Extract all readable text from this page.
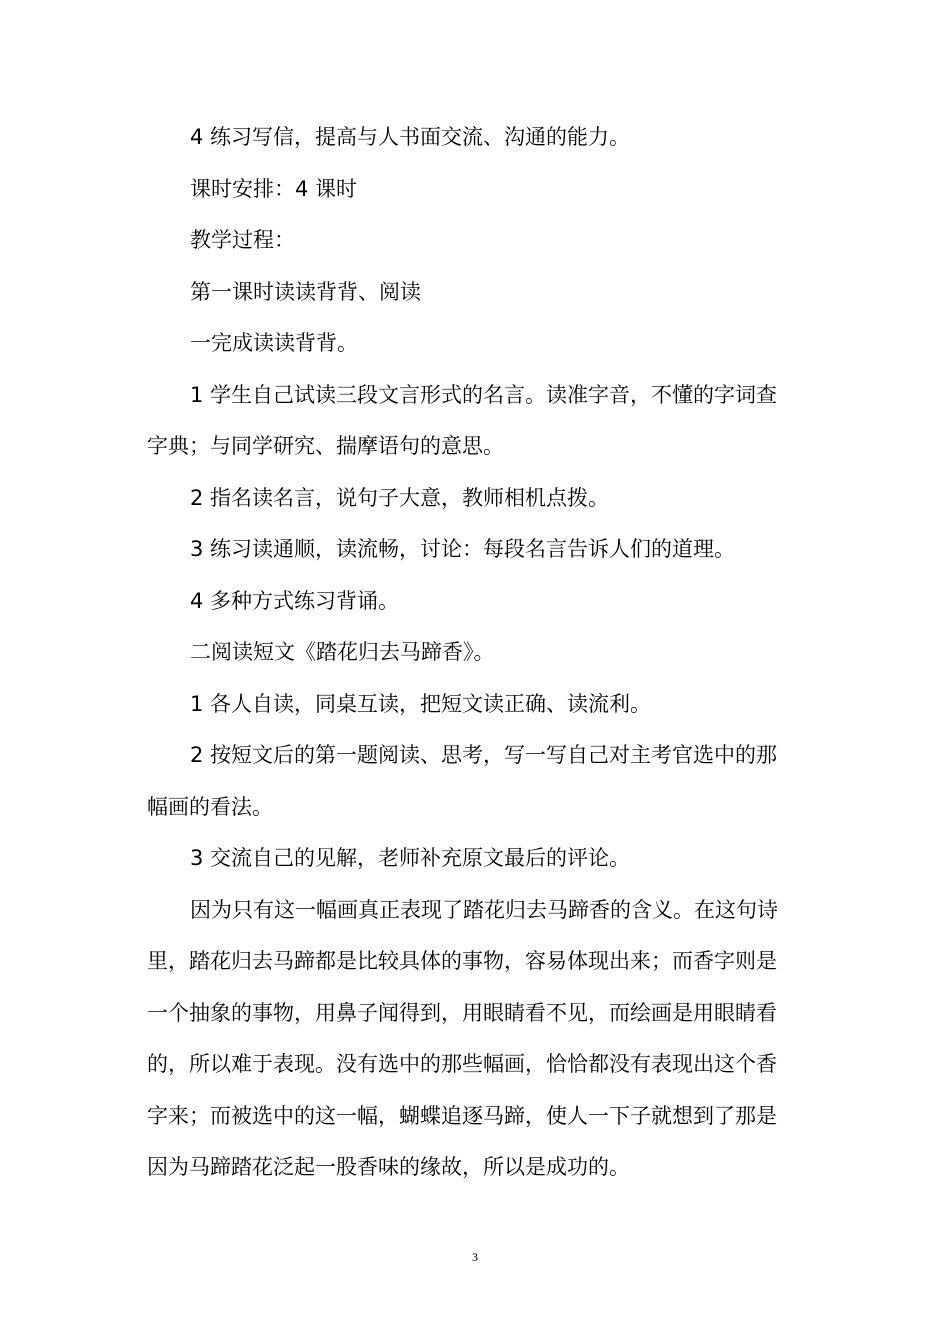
4 练习写信，提高与人书面交流、沟通的能力。

课时安排：4 课时

教学过程：

第一课时读读背背、阅读

一完成读读背背。

1 学生自己试读三段文言形式的名言。读准字音，不懂的字词查字典；与同学研究、揣摩语句的意思。

2 指名读名言，说句子大意，教师相机点拨。

3 练习读通顺，读流畅，讨论：每段名言告诉人们的道理。

4 多种方式练习背诵。

二阅读短文《踏花归去马蹄香》。

1 各人自读，同桌互读，把短文读正确、读流利。

2 按短文后的第一题阅读、思考，写一写自己对主考官选中的那幅画的看法。

3 交流自己的见解，老师补充原文最后的评论。

因为只有这一幅画真正表现了踏花归去马蹄香的含义。在这句诗里，踏花归去马蹄都是比较具体的事物，容易体现出来；而香字则是一个抽象的事物，用鼻子闻得到，用眼睛看不见，而绘画是用眼睛看的，所以难于表现。没有选中的那些幅画，恰恰都没有表现出这个香字来；而被选中的这一幅，蝴蝶追逐马蹄，使人一下子就想到了那是因为马蹄踏花泛起一股香味的缘故，所以是成功的。

3
